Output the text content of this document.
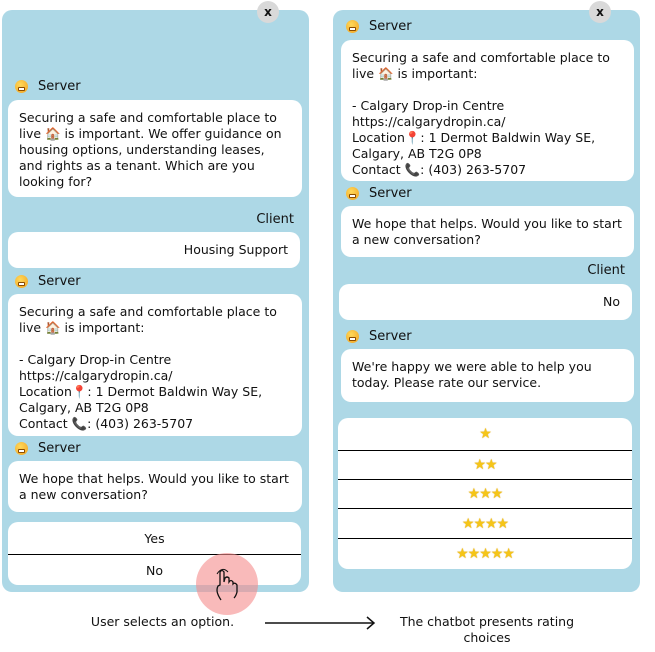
x
Server
Securing a safe and comfortable place to live 🏠 is important. We offer guidance on housing options, understanding leases, and rights as a tenant. Which are you looking for?
Client
Housing Support
Server
Securing a safe and comfortable place to live 🏠 is important:

- Calgary Drop-in Centre
https://calgarydropin.ca/
Location📍: 1 Dermot Baldwin Way SE, Calgary, AB T2G 0P8
Contact 📞: (403) 263-5707
Server
We hope that helps. Would you like to start a new conversation?
Yes
No
x
Server
Securing a safe and comfortable place to live 🏠 is important:

- Calgary Drop-in Centre
https://calgarydropin.ca/
Location📍: 1 Dermot Baldwin Way SE, Calgary, AB T2G 0P8
Contact 📞: (403) 263-5707
Server
We hope that helps. Would you like to start a new conversation?
Client
No
Server
We're happy we were able to help you today. Please rate our service.
★
★★
★★★
★★★★
★★★★★
User selects an option.	The chatbot presents rating choices
